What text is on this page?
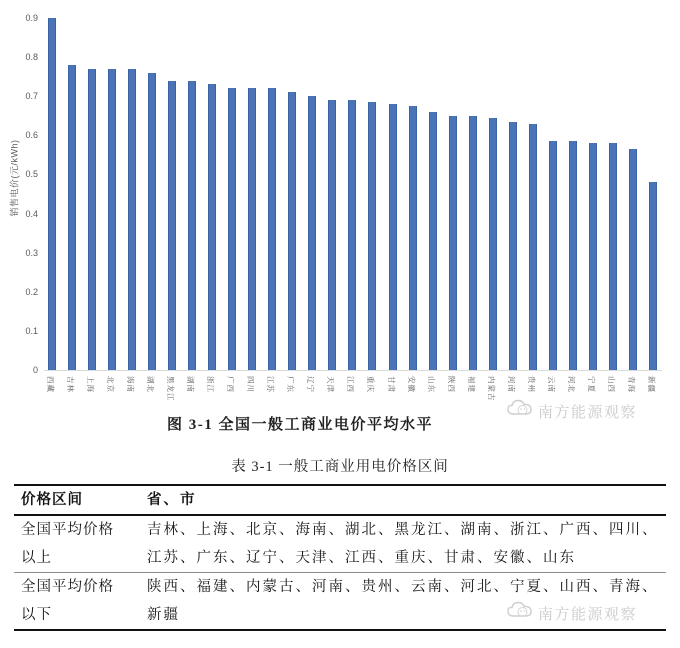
销售电价(元/kWh)
西藏 吉林 上海 北京 海南 湖北 黑龙江 湖南 浙江 广西 四川 江苏 广东 辽宁 天津 江西 重庆 甘肃 安徽 山东 陕西 福建 内蒙古 河南 贵州 云南 河北 宁夏 山西 青海 新疆
0.9
0.8
0.7
0.6
0.5
0.4
0.3
0.2
0.1
0
图 3-1 全国一般工商业电价平均水平
南方能源观察
表 3-1 一般工商业用电价格区间
价格区间	省、市
全国平均价格
以上
吉林、上海、北京、海南、湖北、黑龙江、湖南、浙江、广西、四川、
江苏、广东、辽宁、天津、江西、重庆、甘肃、安徽、山东
全国平均价格
以下
陕西、福建、内蒙古、河南、贵州、云南、河北、宁夏、山西、青海、
新疆	南方能源观察
